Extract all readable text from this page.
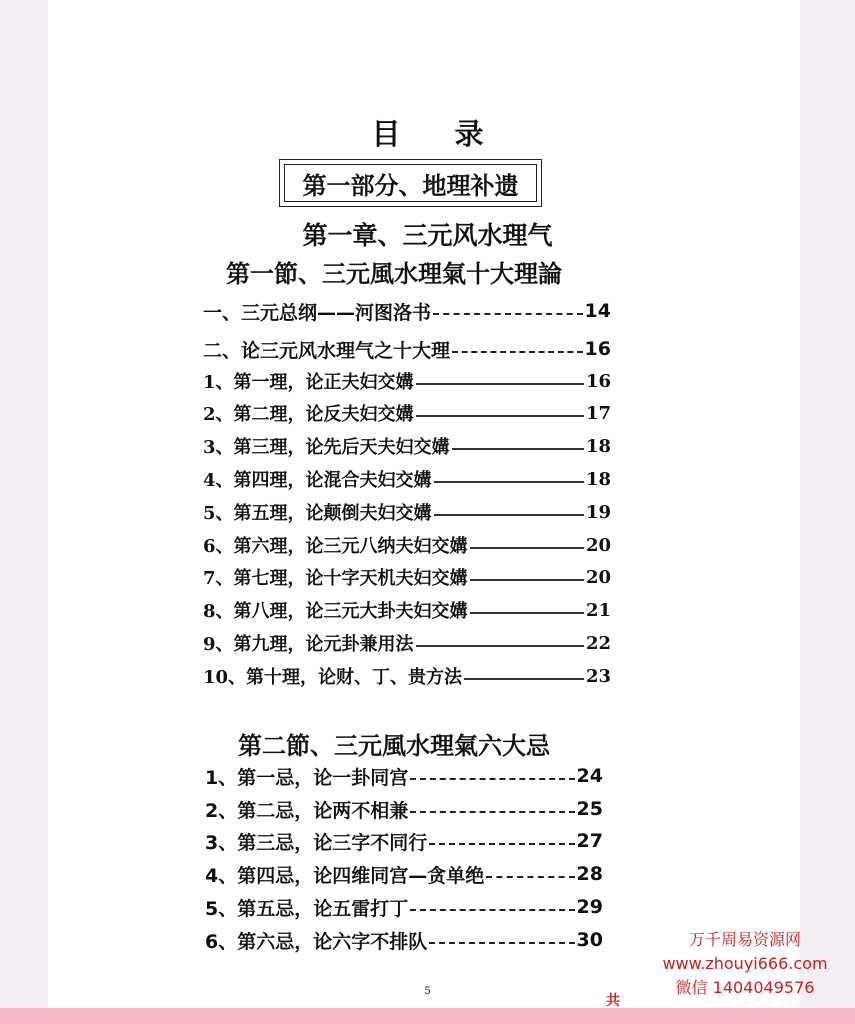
目 录
第一部分、地理补遗
第一章、三元风水理气
第一節、三元風水理氣十大理論
一、三元总纲——河图洛书	14
二、论三元风水理气之十大理	16
1、第一理，论正夫妇交媾	16
2、第二理，论反夫妇交媾	17
3、第三理，论先后天夫妇交媾	18
4、第四理，论混合夫妇交媾	18
5、第五理，论颠倒夫妇交媾	19
6、第六理，论三元八纳夫妇交媾	20
7、第七理，论十字天机夫妇交媾	20
8、第八理，论三元大卦夫妇交媾	21
9、第九理，论元卦兼用法	22
10、第十理，论财、丁、贵方法	23
第二節、三元風水理氣六大忌
1、第一忌，论一卦同宫	24
2、第二忌，论两不相兼	25
3、第三忌，论三字不同行	27
4、第四忌，论四维同宫—贪单绝	28
5、第五忌，论五雷打丁	29
6、第六忌，论六字不排队	30
5
万千周易资源网
www.zhouyi666.com
微信 1404049576
共
